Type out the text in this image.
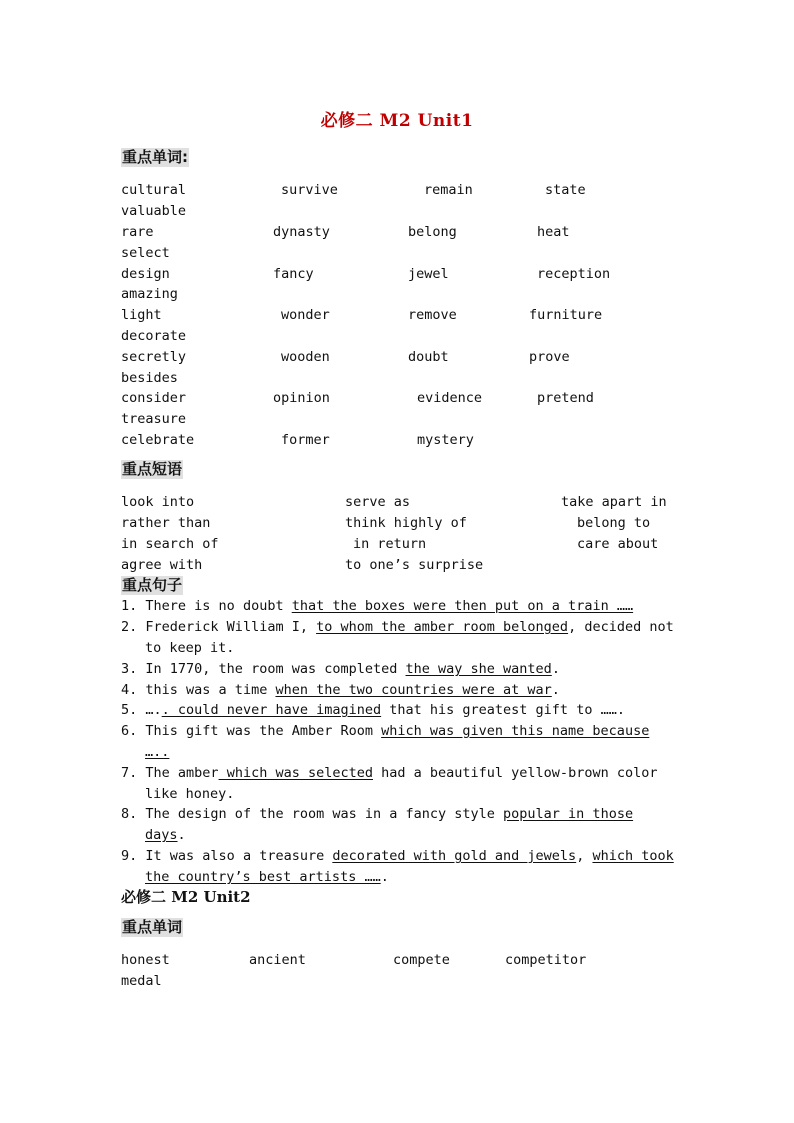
必修二 M2 Unit1
重点单词:
cultural	survive	remain	state
valuable
rare	dynasty	belong	heat
select
design	fancy	jewel	reception
amazing
light	wonder	remove	furniture
decorate
secretly	wooden	doubt	prove
besides
consider	opinion	evidence	pretend
treasure
celebrate	former	mystery
重点短语
look into	serve as	take apart in
rather than	think highly of	belong to
in search of	in return	care about
agree with	to one’s surprise
重点句子
1. There is no doubt that the boxes were then put on a train ……
2. Frederick William I, to whom the amber room belonged, decided not
to keep it.
3. In 1770, the room was completed the way she wanted.
4. this was a time when the two countries were at war.
5. ….. could never have imagined that his greatest gift to …….
6. This gift was the Amber Room which was given this name because
…..
7. The amber which was selected had a beautiful yellow-brown color
like honey.
8. The design of the room was in a fancy style popular in those
days.
9. It was also a treasure decorated with gold and jewels, which took
the country’s best artists …….
必修二 M2 Unit2
重点单词
honest	ancient	compete	competitor
medal
